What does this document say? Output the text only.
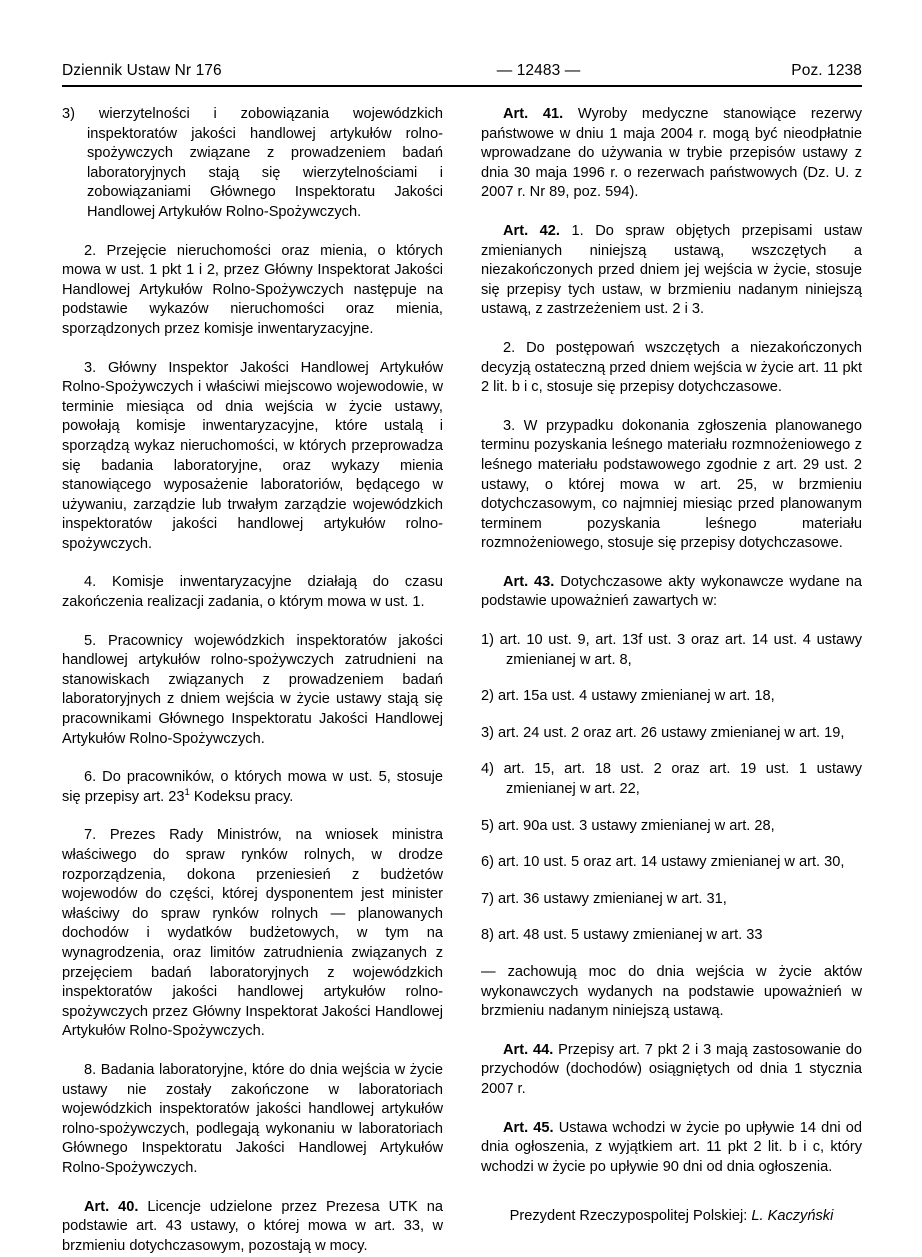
Dziennik Ustaw Nr 176	— 12483 —	Poz. 1238
3) wierzytelności i zobowiązania wojewódzkich inspektoratów jakości handlowej artykułów rolno-spożywczych związane z prowadzeniem badań laboratoryjnych stają się wierzytelnościami i zobowiązaniami Głównego Inspektoratu Jakości Handlowej Artykułów Rolno-Spożywczych.

2. Przejęcie nieruchomości oraz mienia, o których mowa w ust. 1 pkt 1 i 2, przez Główny Inspektorat Jakości Handlowej Artykułów Rolno-Spożywczych następuje na podstawie wykazów nieruchomości oraz mienia, sporządzonych przez komisje inwentaryzacyjne.

3. Główny Inspektor Jakości Handlowej Artykułów Rolno-Spożywczych i właściwi miejscowo wojewodowie, w terminie miesiąca od dnia wejścia w życie ustawy, powołają komisje inwentaryzacyjne, które ustalą i sporządzą wykaz nieruchomości, w których przeprowadza się badania laboratoryjne, oraz wykazy mienia stanowiącego wyposażenie laboratoriów, będącego w używaniu, zarządzie lub trwałym zarządzie wojewódzkich inspektoratów jakości handlowej artykułów rolno-spożywczych.

4. Komisje inwentaryzacyjne działają do czasu zakończenia realizacji zadania, o którym mowa w ust. 1.

5. Pracownicy wojewódzkich inspektoratów jakości handlowej artykułów rolno-spożywczych zatrudnieni na stanowiskach związanych z prowadzeniem badań laboratoryjnych z dniem wejścia w życie ustawy stają się pracownikami Głównego Inspektoratu Jakości Handlowej Artykułów Rolno-Spożywczych.

6. Do pracowników, o których mowa w ust. 5, stosuje się przepisy art. $23^1$ Kodeksu pracy.

7. Prezes Rady Ministrów, na wniosek ministra właściwego do spraw rynków rolnych, w drodze rozporządzenia, dokona przeniesień z budżetów wojewodów do części, której dysponentem jest minister właściwy do spraw rynków rolnych — planowanych dochodów i wydatków budżetowych, w tym na wynagrodzenia, oraz limitów zatrudnienia związanych z przejęciem badań laboratoryjnych z wojewódzkich inspektoratów jakości handlowej artykułów rolno-spożywczych przez Główny Inspektorat Jakości Handlowej Artykułów Rolno-Spożywczych.

8. Badania laboratoryjne, które do dnia wejścia w życie ustawy nie zostały zakończone w laboratoriach wojewódzkich inspektoratów jakości handlowej artykułów rolno-spożywczych, podlegają wykonaniu w laboratoriach Głównego Inspektoratu Jakości Handlowej Artykułów Rolno-Spożywczych.

Art. 40. Licencje udzielone przez Prezesa UTK na podstawie art. 43 ustawy, o której mowa w art. 33, w brzmieniu dotychczasowym, pozostają w mocy.

Art. 41. Wyroby medyczne stanowiące rezerwy państwowe w dniu 1 maja 2004 r. mogą być nieodpłatnie wprowadzane do używania w trybie przepisów ustawy z dnia 30 maja 1996 r. o rezerwach państwowych (Dz. U. z 2007 r. Nr 89, poz. 594).

Art. 42. 1. Do spraw objętych przepisami ustaw zmienianych niniejszą ustawą, wszczętych a niezakończonych przed dniem jej wejścia w życie, stosuje się przepisy tych ustaw, w brzmieniu nadanym niniejszą ustawą, z zastrzeżeniem ust. 2 i 3.

2. Do postępowań wszczętych a niezakończonych decyzją ostateczną przed dniem wejścia w życie art. 11 pkt 2 lit. b i c, stosuje się przepisy dotychczasowe.

3. W przypadku dokonania zgłoszenia planowanego terminu pozyskania leśnego materiału rozmnożeniowego z leśnego materiału podstawowego zgodnie z art. 29 ust. 2 ustawy, o której mowa w art. 25, w brzmieniu dotychczasowym, co najmniej miesiąc przed planowanym terminem pozyskania leśnego materiału rozmnożeniowego, stosuje się przepisy dotychczasowe.

Art. 43. Dotychczasowe akty wykonawcze wydane na podstawie upoważnień zawartych w:

1) art. 10 ust. 9, art. 13f ust. 3 oraz art. 14 ust. 4 ustawy zmienianej w art. 8,
2) art. 15a ust. 4 ustawy zmienianej w art. 18,
3) art. 24 ust. 2 oraz art. 26 ustawy zmienianej w art. 19,
4) art. 15, art. 18 ust. 2 oraz art. 19 ust. 1 ustawy zmienianej w art. 22,
5) art. 90a ust. 3 ustawy zmienianej w art. 28,
6) art. 10 ust. 5 oraz art. 14 ustawy zmienianej w art. 30,
7) art. 36 ustawy zmienianej w art. 31,
8) art. 48 ust. 5 ustawy zmienianej w art. 33

— zachowują moc do dnia wejścia w życie aktów wykonawczych wydanych na podstawie upoważnień w brzmieniu nadanym niniejszą ustawą.

Art. 44. Przepisy art. 7 pkt 2 i 3 mają zastosowanie do przychodów (dochodów) osiągniętych od dnia 1 stycznia 2007 r.

Art. 45. Ustawa wchodzi w życie po upływie 14 dni od dnia ogłoszenia, z wyjątkiem art. 11 pkt 2 lit. b i c, który wchodzi w życie po upływie 90 dni od dnia ogłoszenia.

Prezydent Rzeczypospolitej Polskiej: L. Kaczyński
